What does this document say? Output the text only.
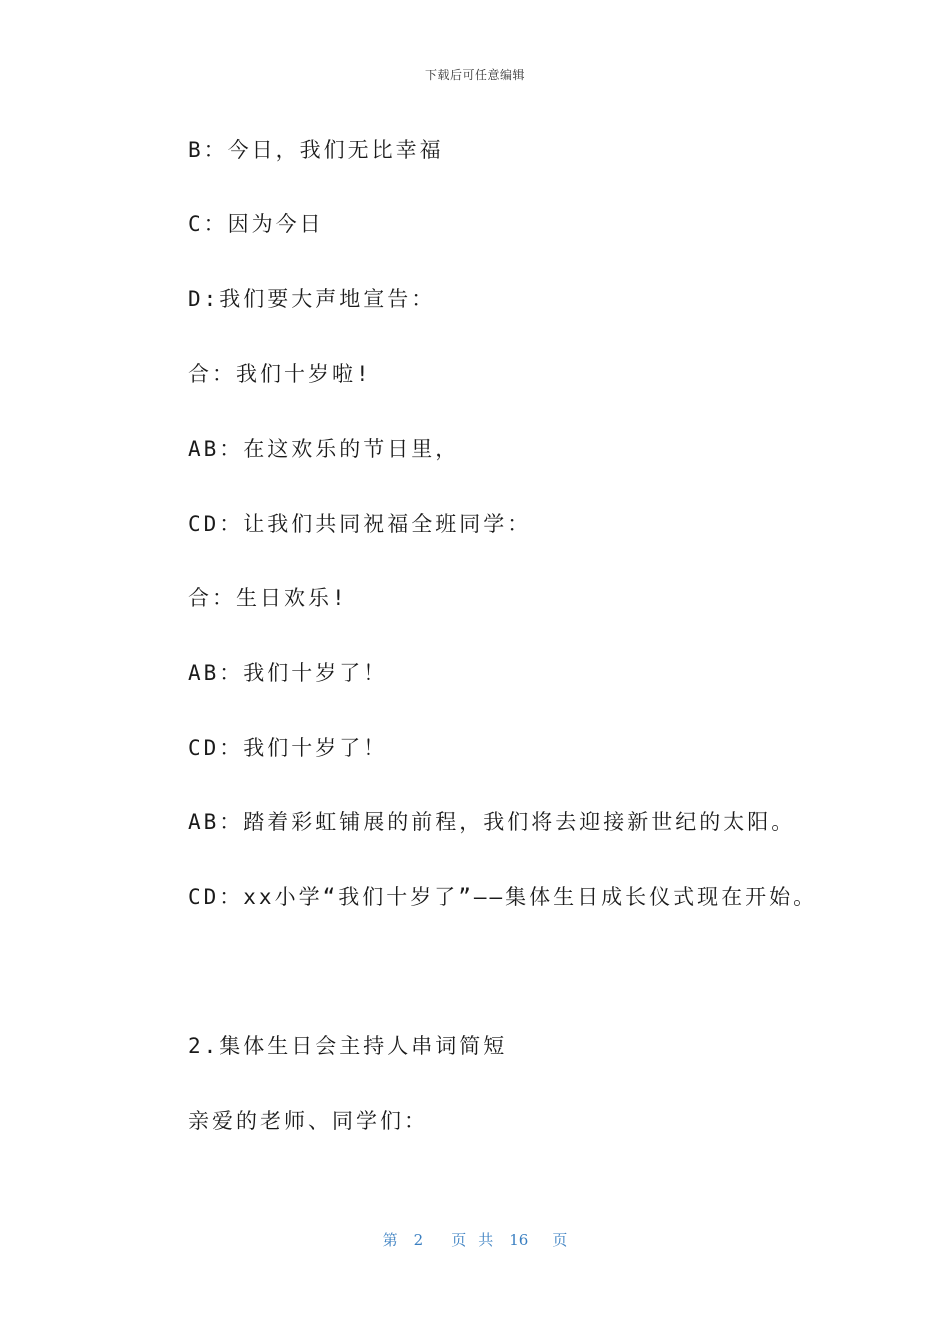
下载后可任意编辑
B：今日，我们无比幸福
C：因为今日
D:我们要大声地宣告：
合：我们十岁啦!
AB：在这欢乐的节日里，
CD：让我们共同祝福全班同学：
合：生日欢乐!
AB：我们十岁了！
CD：我们十岁了！
AB：踏着彩虹铺展的前程，我们将去迎接新世纪的太阳。
CD：xx小学“我们十岁了”——集体生日成长仪式现在开始。
2.集体生日会主持人串词简短
亲爱的老师、同学们：
第 2 页 共 16 页
